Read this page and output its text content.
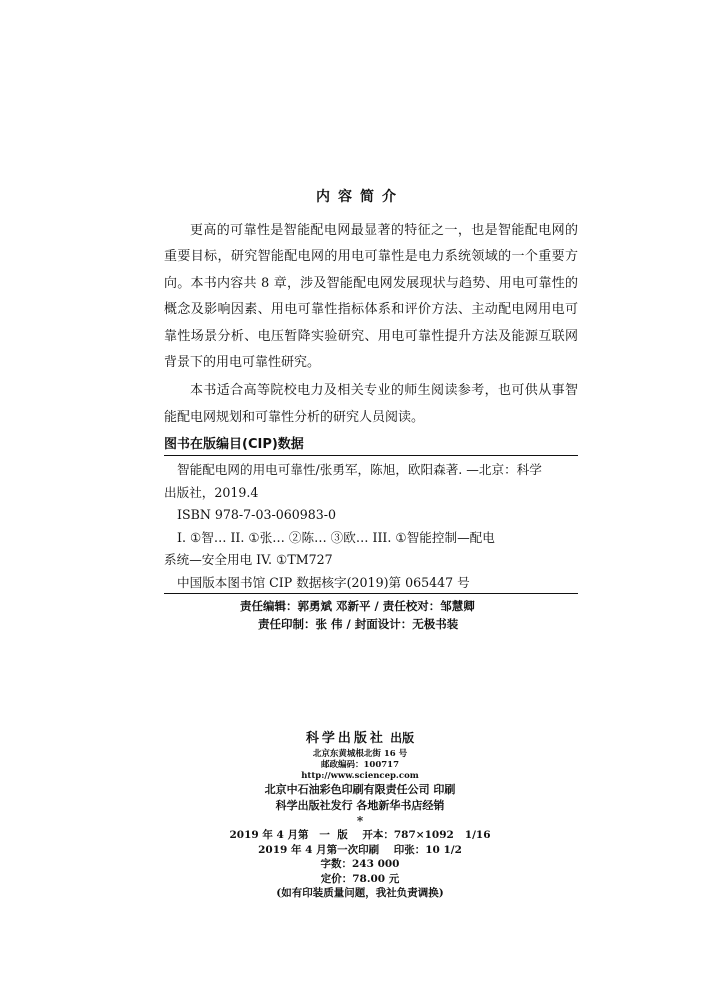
内容简介

更高的可靠性是智能配电网最显著的特征之一，也是智能配电网的重要目标，研究智能配电网的用电可靠性是电力系统领域的一个重要方向。本书内容共 8 章，涉及智能配电网发展现状与趋势、用电可靠性的概念及影响因素、用电可靠性指标体系和评价方法、主动配电网用电可靠性场景分析、电压暂降实验研究、用电可靠性提升方法及能源互联网背景下的用电可靠性研究。

本书适合高等院校电力及相关专业的师生阅读参考，也可供从事智能配电网规划和可靠性分析的研究人员阅读。

图书在版编目(CIP)数据
智能配电网的用电可靠性/张勇军，陈旭，欧阳森著. —北京：科学
出版社，2019.4
ISBN 978-7-03-060983-0
I. ①智… II. ①张… ②陈… ③欧… III. ①智能控制—配电
系统—安全用电 IV. ①TM727
中国版本图书馆 CIP 数据核字(2019)第 065447 号
责任编辑：郭勇斌 邓新平 / 责任校对：邹慧卿
责任印制：张 伟 / 封面设计：无极书装
科学出版社 出版
北京东黄城根北街 16 号
邮政编码：100717
http://www.sciencep.com
北京中石油彩色印刷有限责任公司 印刷
科学出版社发行 各地新华书店经销
*
2019 年 4 月第   一  版    开本：787×1092   1/16
2019 年 4 月第一次印刷    印张：10 1/2
字数：243 000
定价：78.00 元
(如有印装质量问题，我社负责调换)
